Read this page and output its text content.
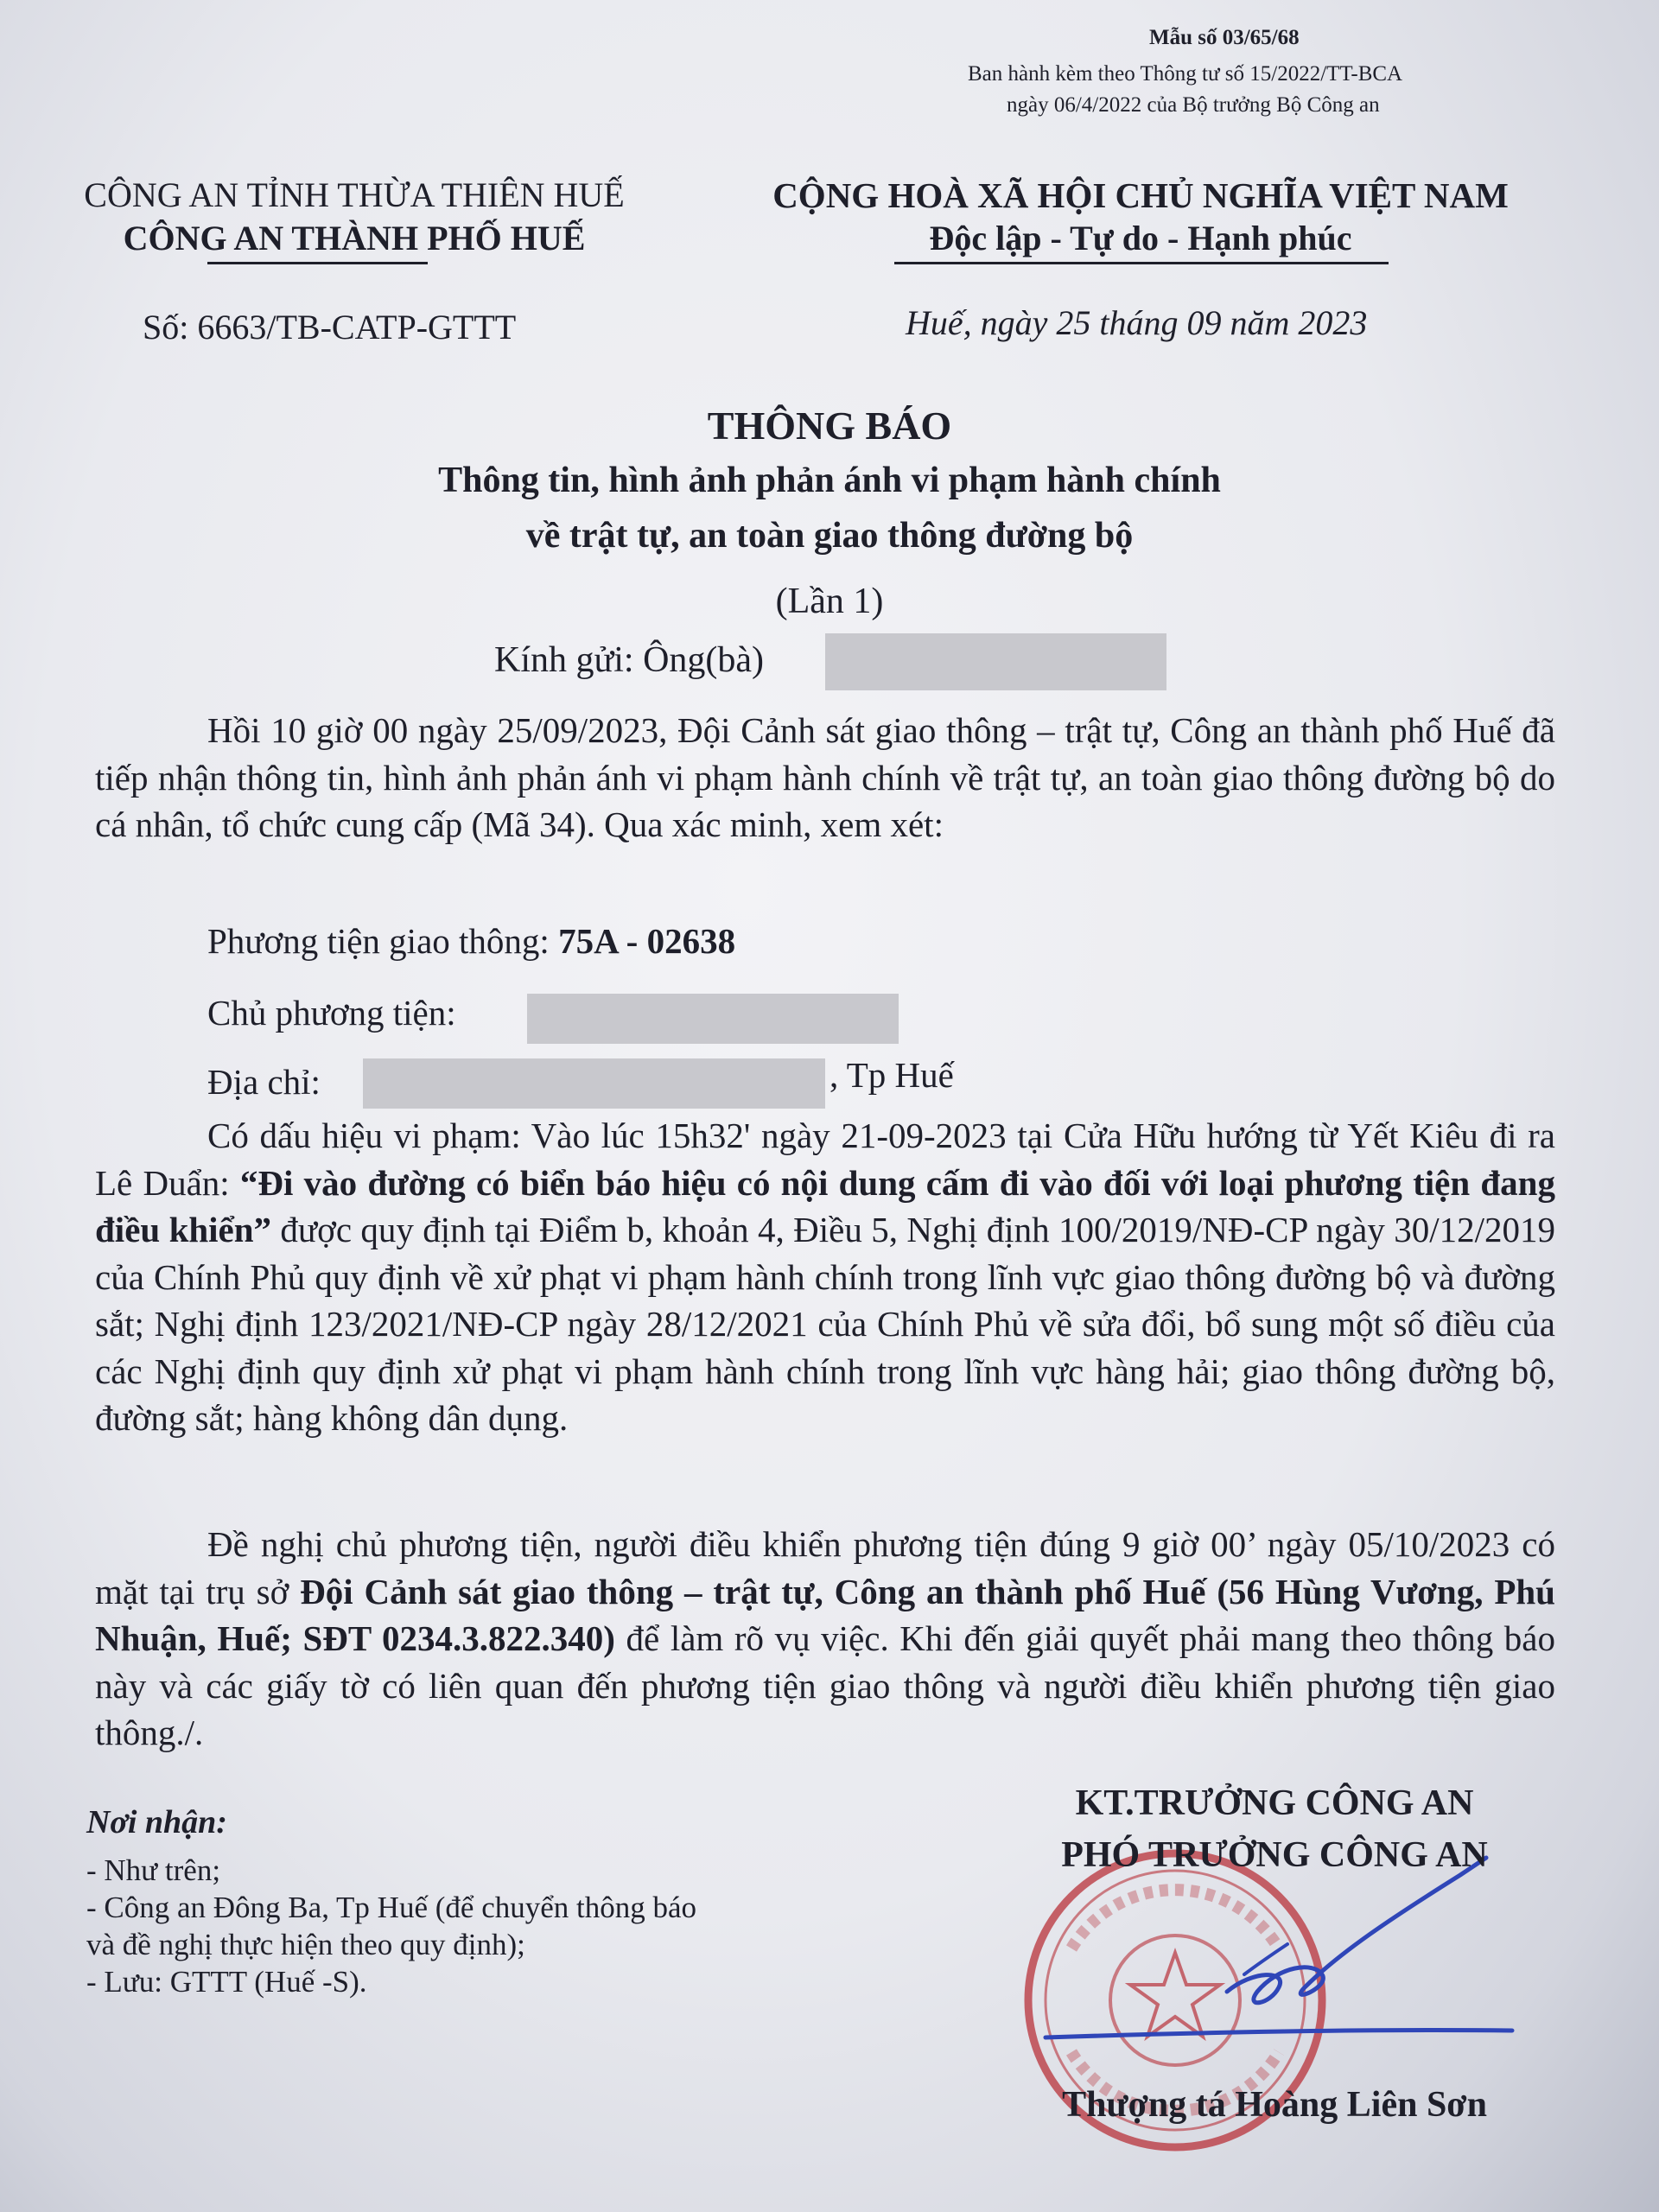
Mẫu số 03/65/68
Ban hành kèm theo Thông tư số 15/2022/TT-BCA
ngày 06/4/2022 của Bộ trưởng Bộ Công an
CÔNG AN TỈNH THỪA THIÊN HUẾ
CÔNG AN THÀNH PHỐ HUẾ
CỘNG HOÀ XÃ HỘI CHỦ NGHĨA VIỆT NAM
Độc lập - Tự do - Hạnh phúc
Số: 6663/TB-CATP-GTTT	Huế, ngày 25 tháng 09 năm 2023
THÔNG BÁO
Thông tin, hình ảnh phản ánh vi phạm hành chính
về trật tự, an toàn giao thông đường bộ
(Lần 1)
Kính gửi: Ông(bà)
Hồi 10 giờ 00 ngày 25/09/2023, Đội Cảnh sát giao thông – trật tự, Công an thành phố Huế đã tiếp nhận thông tin, hình ảnh phản ánh vi phạm hành chính về trật tự, an toàn giao thông đường bộ do cá nhân, tổ chức cung cấp (Mã 34). Qua xác minh, xem xét:
Phương tiện giao thông: 75A - 02638
Chủ phương tiện:
Địa chỉ:	, Tp Huế
Có dấu hiệu vi phạm: Vào lúc 15h32' ngày 21-09-2023 tại Cửa Hữu hướng từ Yết Kiêu đi ra Lê Duẩn: “Đi vào đường có biển báo hiệu có nội dung cấm đi vào đối với loại phương tiện đang điều khiển” được quy định tại Điểm b, khoản 4, Điều 5, Nghị định 100/2019/NĐ-CP ngày 30/12/2019 của Chính Phủ quy định về xử phạt vi phạm hành chính trong lĩnh vực giao thông đường bộ và đường sắt; Nghị định 123/2021/NĐ-CP ngày 28/12/2021 của Chính Phủ về sửa đổi, bổ sung một số điều của các Nghị định quy định xử phạt vi phạm hành chính trong lĩnh vực hàng hải; giao thông đường bộ, đường sắt; hàng không dân dụng.
Đề nghị chủ phương tiện, người điều khiển phương tiện đúng 9 giờ 00’ ngày 05/10/2023 có mặt tại trụ sở Đội Cảnh sát giao thông – trật tự, Công an thành phố Huế (56 Hùng Vương, Phú Nhuận, Huế; SĐT 0234.3.822.340) để làm rõ vụ việc. Khi đến giải quyết phải mang theo thông báo này và các giấy tờ có liên quan đến phương tiện giao thông và người điều khiển phương tiện giao thông./.
Nơi nhận:
- Như trên;
- Công an Đông Ba, Tp Huế (để chuyển thông báo
và đề nghị thực hiện theo quy định);
- Lưu: GTTT (Huế -S).
KT.TRƯỞNG CÔNG AN
PHÓ TRƯỞNG CÔNG AN
Thượng tá Hoàng Liên Sơn
